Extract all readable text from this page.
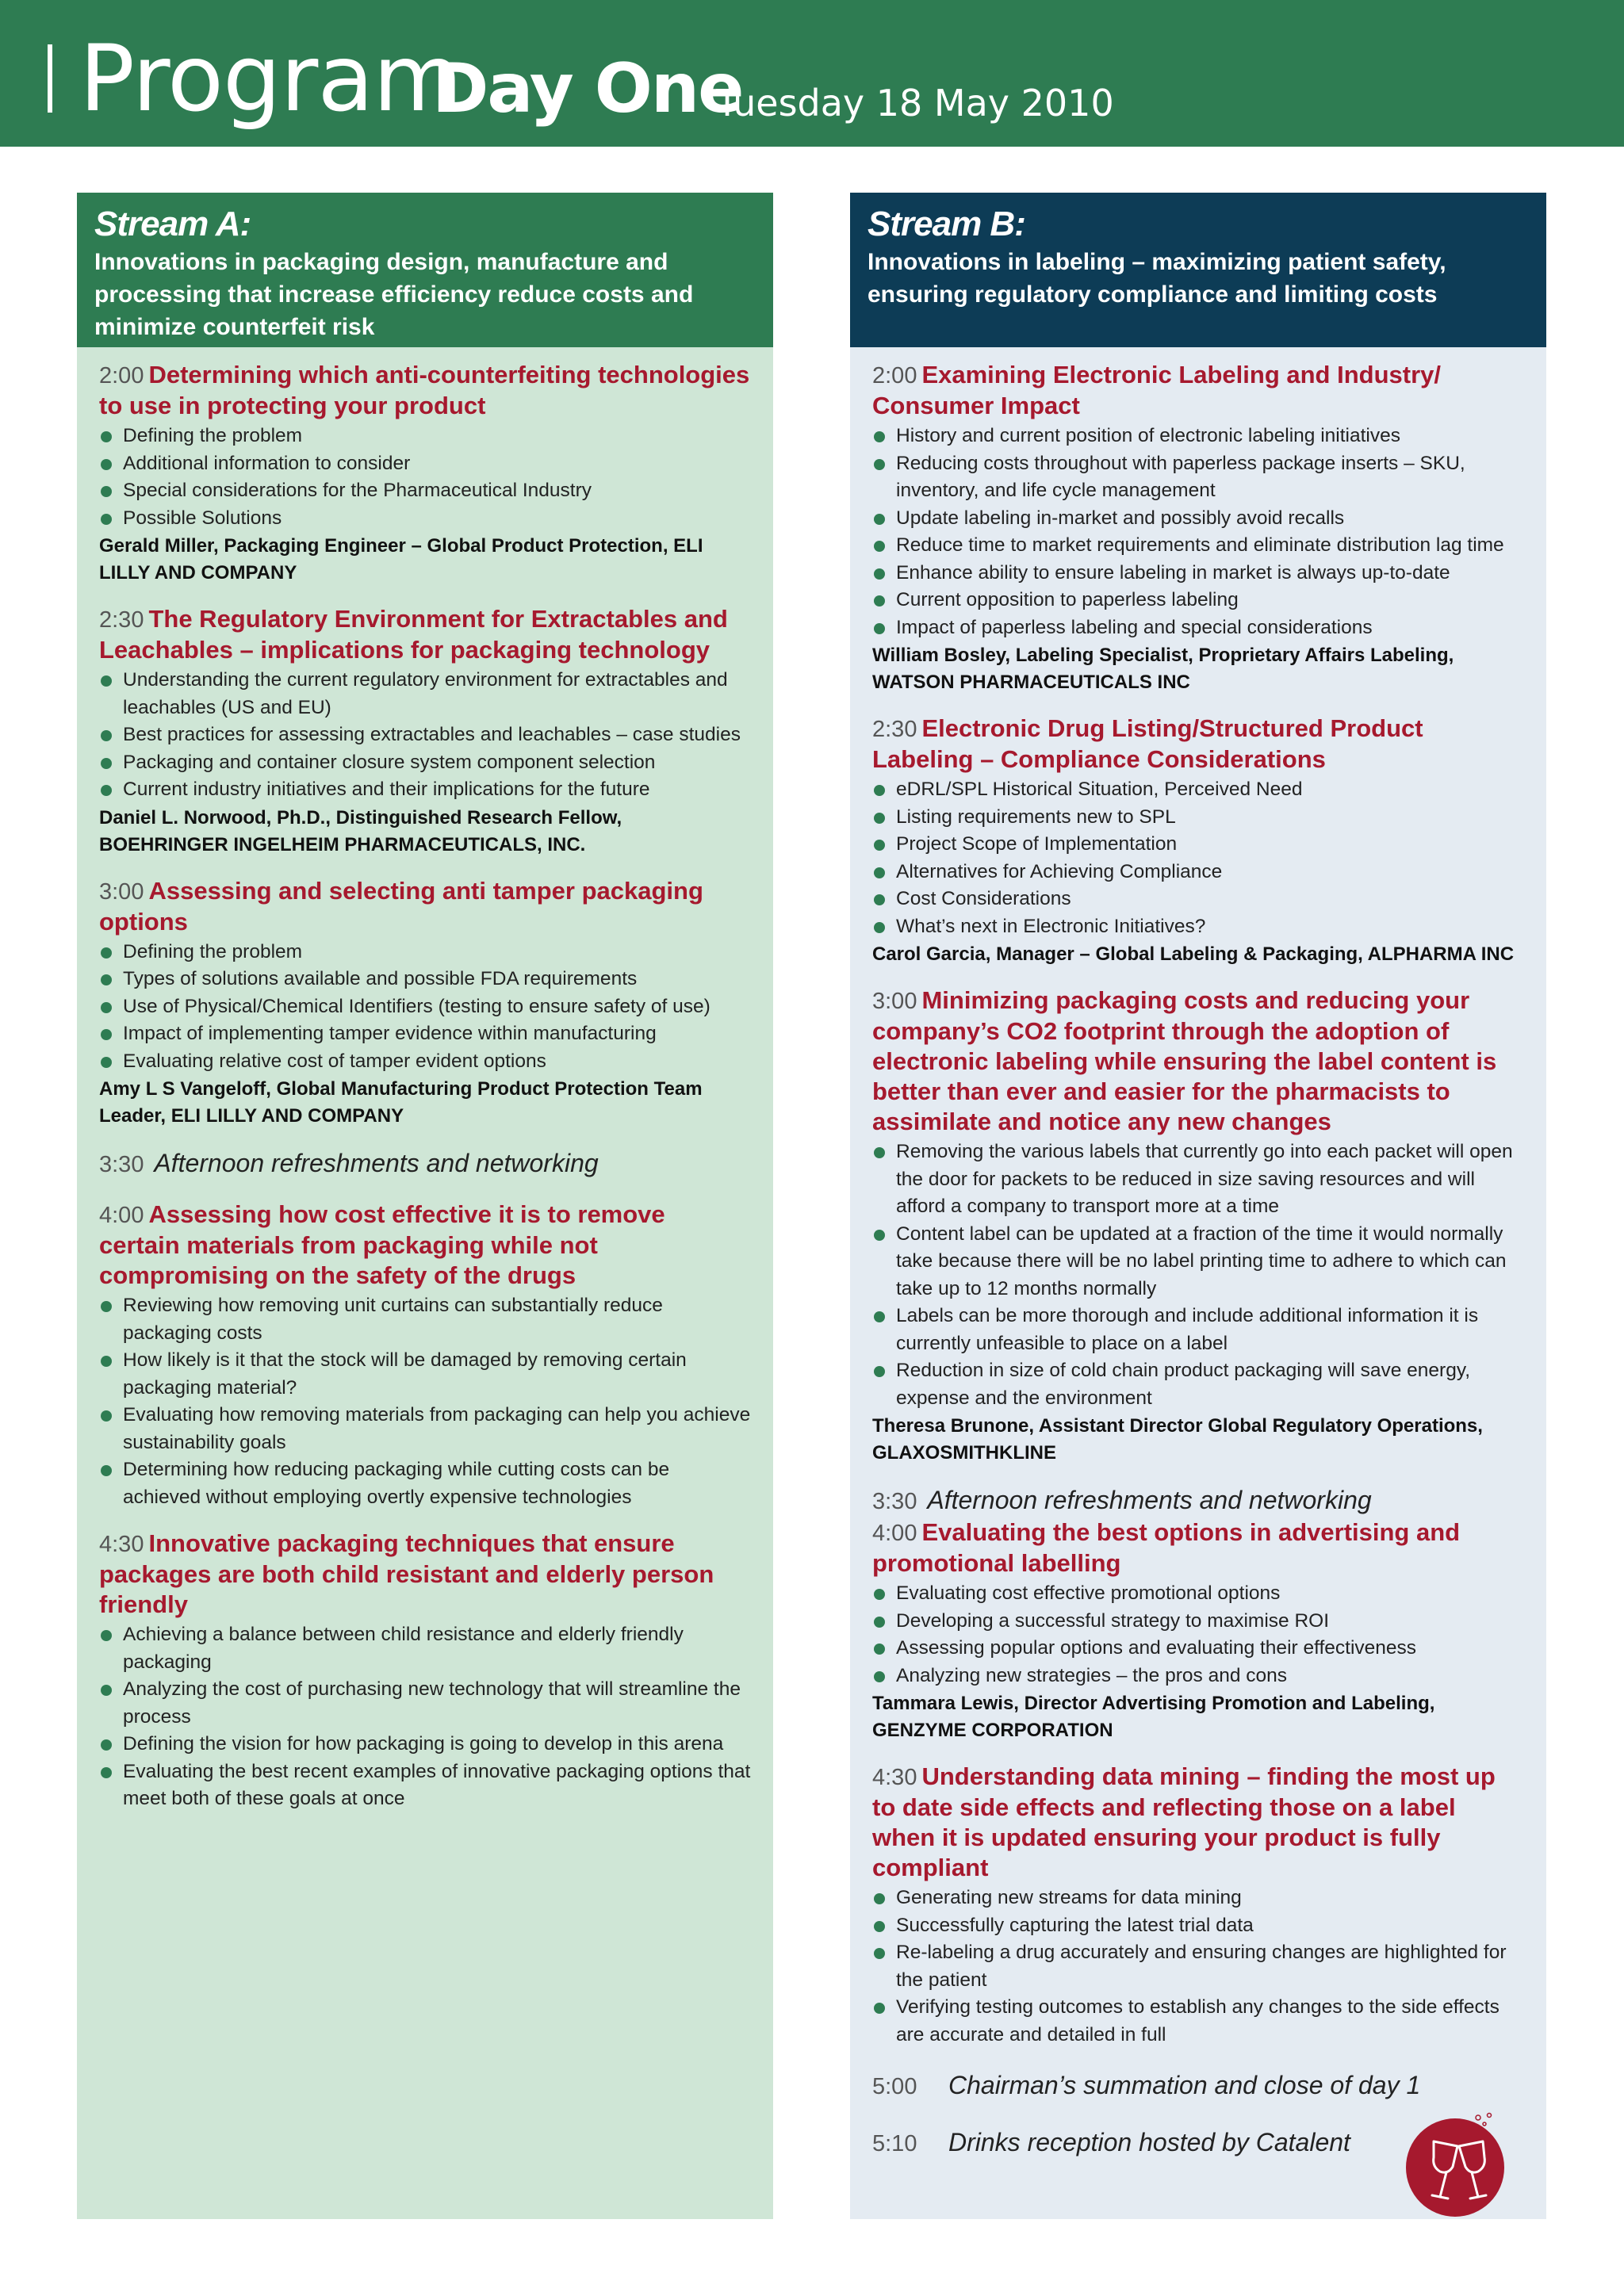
Program
Day One
Tuesday 18 May 2010
Stream A:
Innovations in packaging design, manufacture and processing that increase efficiency reduce costs and minimize counterfeit risk
2:00 Determining which anti-counterfeiting technologies to use in protecting your product
Defining the problem
Additional information to consider
Special considerations for the Pharmaceutical Industry
Possible Solutions
Gerald Miller, Packaging Engineer – Global Product Protection, ELI LILLY AND COMPANY
2:30 The Regulatory Environment for Extractables and Leachables – implications for packaging technology
Understanding the current regulatory environment for extractables and leachables (US and EU)
Best practices for assessing extractables and leachables – case studies
Packaging and container closure system component selection
Current industry initiatives and their implications for the future
Daniel L. Norwood, Ph.D., Distinguished Research Fellow, BOEHRINGER INGELHEIM PHARMACEUTICALS, INC.
3:00 Assessing and selecting anti tamper packaging options
Defining the problem
Types of solutions available and possible FDA requirements
Use of Physical/Chemical Identifiers (testing to ensure safety of use)
Impact of implementing tamper evidence within manufacturing
Evaluating relative cost of tamper evident options
Amy L S Vangeloff, Global Manufacturing Product Protection Team Leader, ELI LILLY AND COMPANY
3:30 Afternoon refreshments and networking
4:00 Assessing how cost effective it is to remove certain materials from packaging while not compromising on the safety of the drugs
Reviewing how removing unit curtains can substantially reduce packaging costs
How likely is it that the stock will be damaged by removing certain packaging material?
Evaluating how removing materials from packaging can help you achieve sustainability goals
Determining how reducing packaging while cutting costs can be achieved without employing overtly expensive technologies
4:30 Innovative packaging techniques that ensure packages are both child resistant and elderly person friendly
Achieving a balance between child resistance and elderly friendly packaging
Analyzing the cost of purchasing new technology that will streamline the process
Defining the vision for how packaging is going to develop in this arena
Evaluating the best recent examples of innovative packaging options that meet both of these goals at once
Stream B:
Innovations in labeling – maximizing patient safety, ensuring regulatory compliance and limiting costs
2:00 Examining Electronic Labeling and Industry/ Consumer Impact
History and current position of electronic labeling initiatives
Reducing costs throughout with paperless package inserts – SKU, inventory, and life cycle management
Update labeling in-market and possibly avoid recalls
Reduce time to market requirements and eliminate distribution lag time
Enhance ability to ensure labeling in market is always up-to-date
Current opposition to paperless labeling
Impact of paperless labeling and special considerations
William Bosley, Labeling Specialist, Proprietary Affairs Labeling, WATSON PHARMACEUTICALS INC
2:30 Electronic Drug Listing/Structured Product Labeling – Compliance Considerations
eDRL/SPL Historical Situation, Perceived Need
Listing requirements new to SPL
Project Scope of Implementation
Alternatives for Achieving Compliance
Cost Considerations
What’s next in Electronic Initiatives?
Carol Garcia, Manager – Global Labeling & Packaging, ALPHARMA INC
3:00 Minimizing packaging costs and reducing your company’s CO2 footprint through the adoption of electronic labeling while ensuring the label content is better than ever and easier for the pharmacists to assimilate and notice any new changes
Removing the various labels that currently go into each packet will open the door for packets to be reduced in size saving resources and will afford a company to transport more at a time
Content label can be updated at a fraction of the time it would normally take because there will be no label printing time to adhere to which can take up to 12 months normally
Labels can be more thorough and include additional information it is currently unfeasible to place on a label
Reduction in size of cold chain product packaging will save energy, expense and the environment
Theresa Brunone, Assistant Director Global Regulatory Operations, GLAXOSMITHKLINE
3:30 Afternoon refreshments and networking
4:00 Evaluating the best options in advertising and promotional labelling
Evaluating cost effective promotional options
Developing a successful strategy to maximise ROI
Assessing popular options and evaluating their effectiveness
Analyzing new strategies – the pros and cons
Tammara Lewis, Director Advertising Promotion and Labeling, GENZYME CORPORATION
4:30 Understanding data mining – finding the most up to date side effects and reflecting those on a label when it is updated ensuring your product is fully compliant
Generating new streams for data mining
Successfully capturing the latest trial data
Re-labeling a drug accurately and ensuring changes are highlighted for the patient
Verifying testing outcomes to establish any changes to the side effects are accurate and detailed in full
5:00 Chairman’s summation and close of day 1
5:10 Drinks reception hosted by Catalent
